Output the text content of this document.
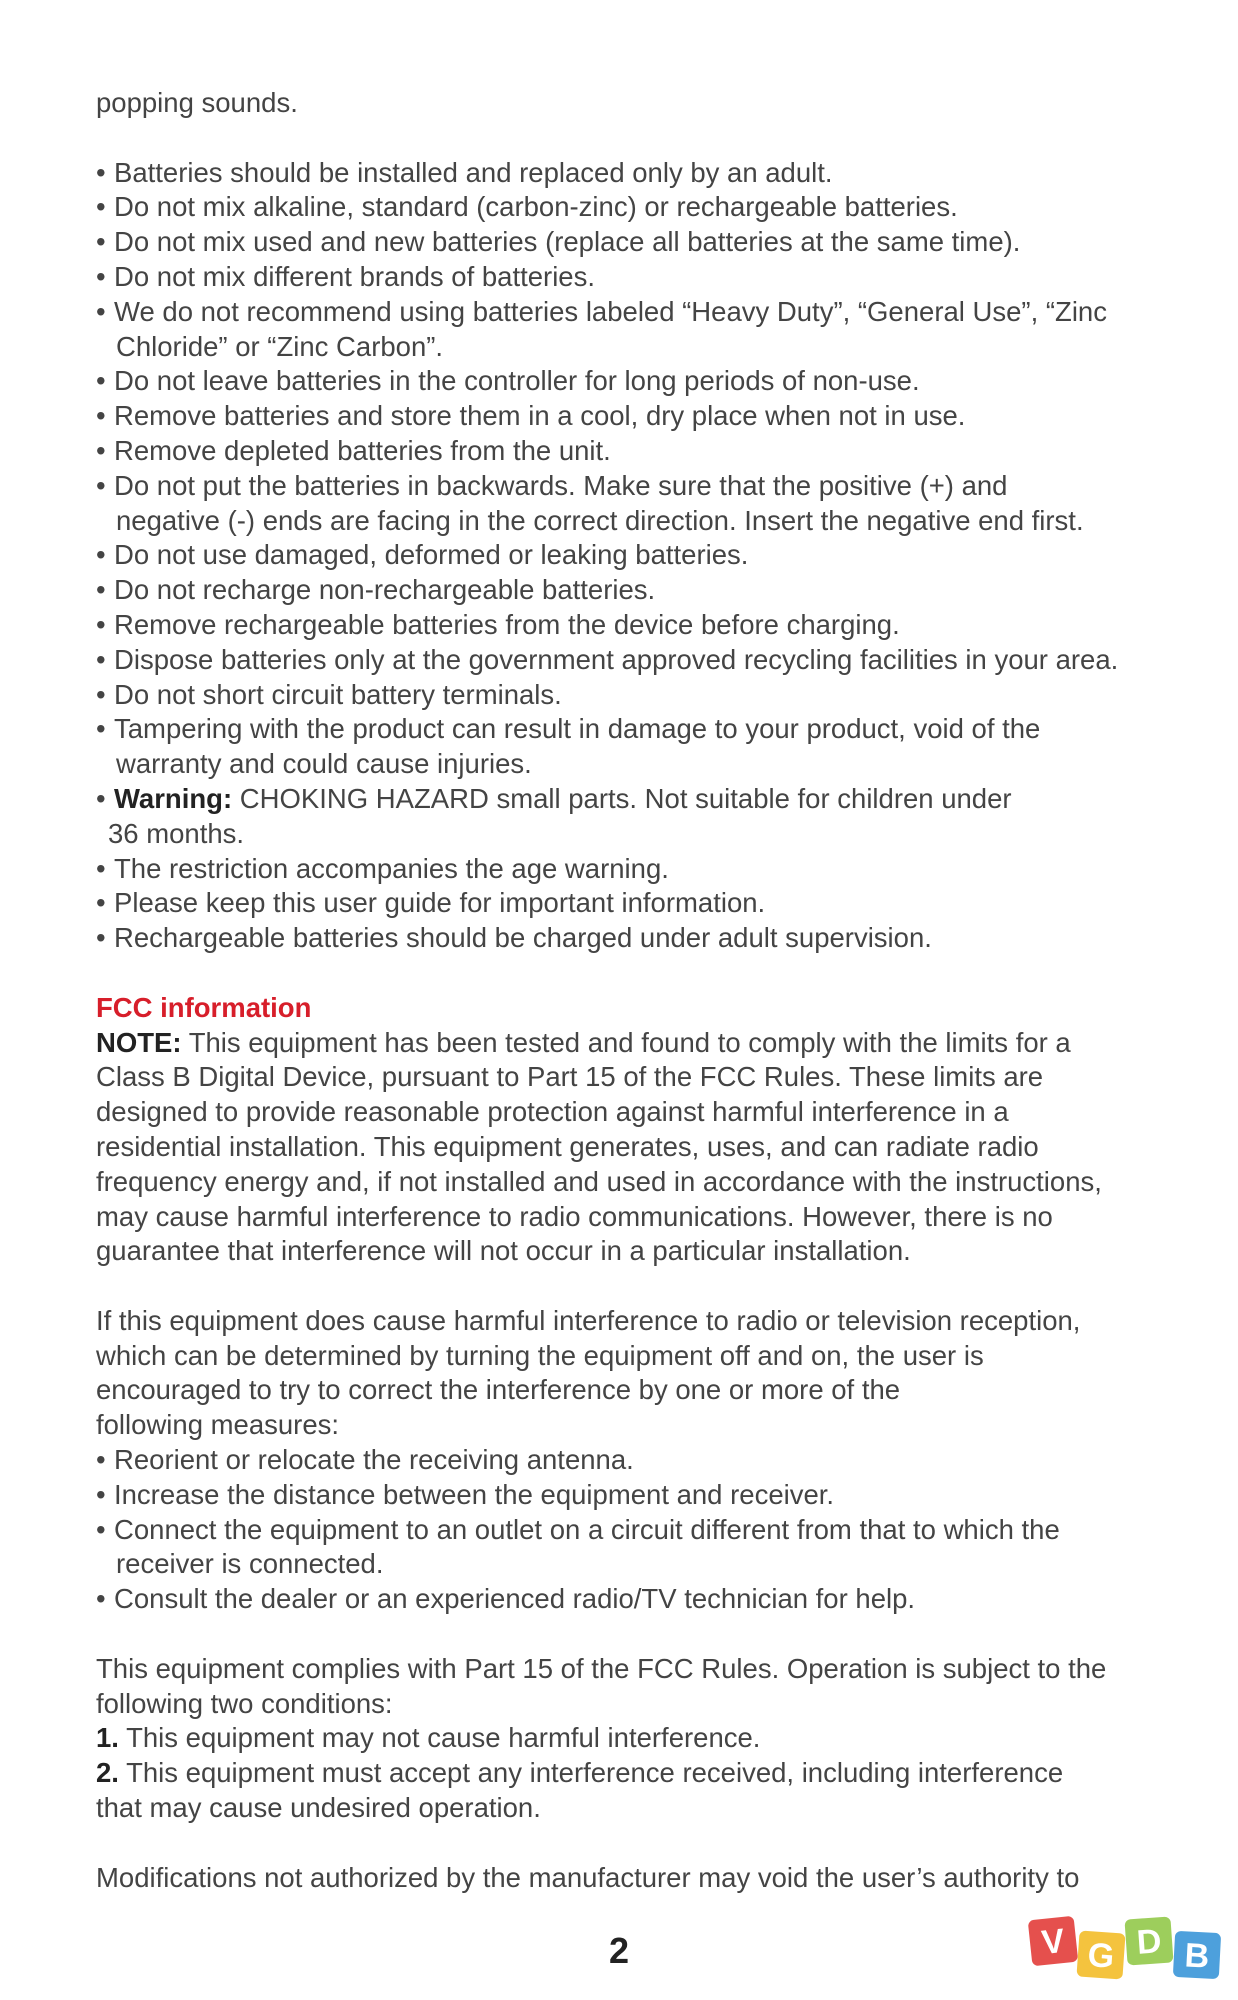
popping sounds.

• Batteries should be installed and replaced only by an adult.

• Do not mix alkaline, standard (carbon-zinc) or rechargeable batteries.

• Do not mix used and new batteries (replace all batteries at the same time).

• Do not mix different brands of batteries.

• We do not recommend using batteries labeled “Heavy Duty”, “General Use”, “Zinc
Chloride” or “Zinc Carbon”.

• Do not leave batteries in the controller for long periods of non-use.

• Remove batteries and store them in a cool, dry place when not in use.

• Remove depleted batteries from the unit.

• Do not put the batteries in backwards. Make sure that the positive (+) and
negative (-) ends are facing in the correct direction. Insert the negative end first.

• Do not use damaged, deformed or leaking batteries.

• Do not recharge non-rechargeable batteries.

• Remove rechargeable batteries from the device before charging.

• Dispose batteries only at the government approved recycling facilities in your area.

• Do not short circuit battery terminals.

• Tampering with the product can result in damage to your product, void of the
warranty and could cause injuries.

• Warning: CHOKING HAZARD small parts. Not suitable for children under
36 months.

• The restriction accompanies the age warning.

• Please keep this user guide for important information.

• Rechargeable batteries should be charged under adult supervision.

FCC information

NOTE: This equipment has been tested and found to comply with the limits for a

Class B Digital Device, pursuant to Part 15 of the FCC Rules. These limits are

designed to provide reasonable protection against harmful interference in a

residential installation. This equipment generates, uses, and can radiate radio

frequency energy and, if not installed and used in accordance with the instructions,

may cause harmful interference to radio communications. However, there is no

guarantee that interference will not occur in a particular installation.

If this equipment does cause harmful interference to radio or television reception,

which can be determined by turning the equipment off and on, the user is

encouraged to try to correct the interference by one or more of the

following measures:

• Reorient or relocate the receiving antenna.

• Increase the distance between the equipment and receiver.

• Connect the equipment to an outlet on a circuit different from that to which the
receiver is connected.

• Consult the dealer or an experienced radio/TV technician for help.

This equipment complies with Part 15 of the FCC Rules. Operation is subject to the

following two conditions:

1. This equipment may not cause harmful interference.

2. This equipment must accept any interference received, including interference

that may cause undesired operation.

Modifications not authorized by the manufacturer may void the user’s authority to

2	V G D B
